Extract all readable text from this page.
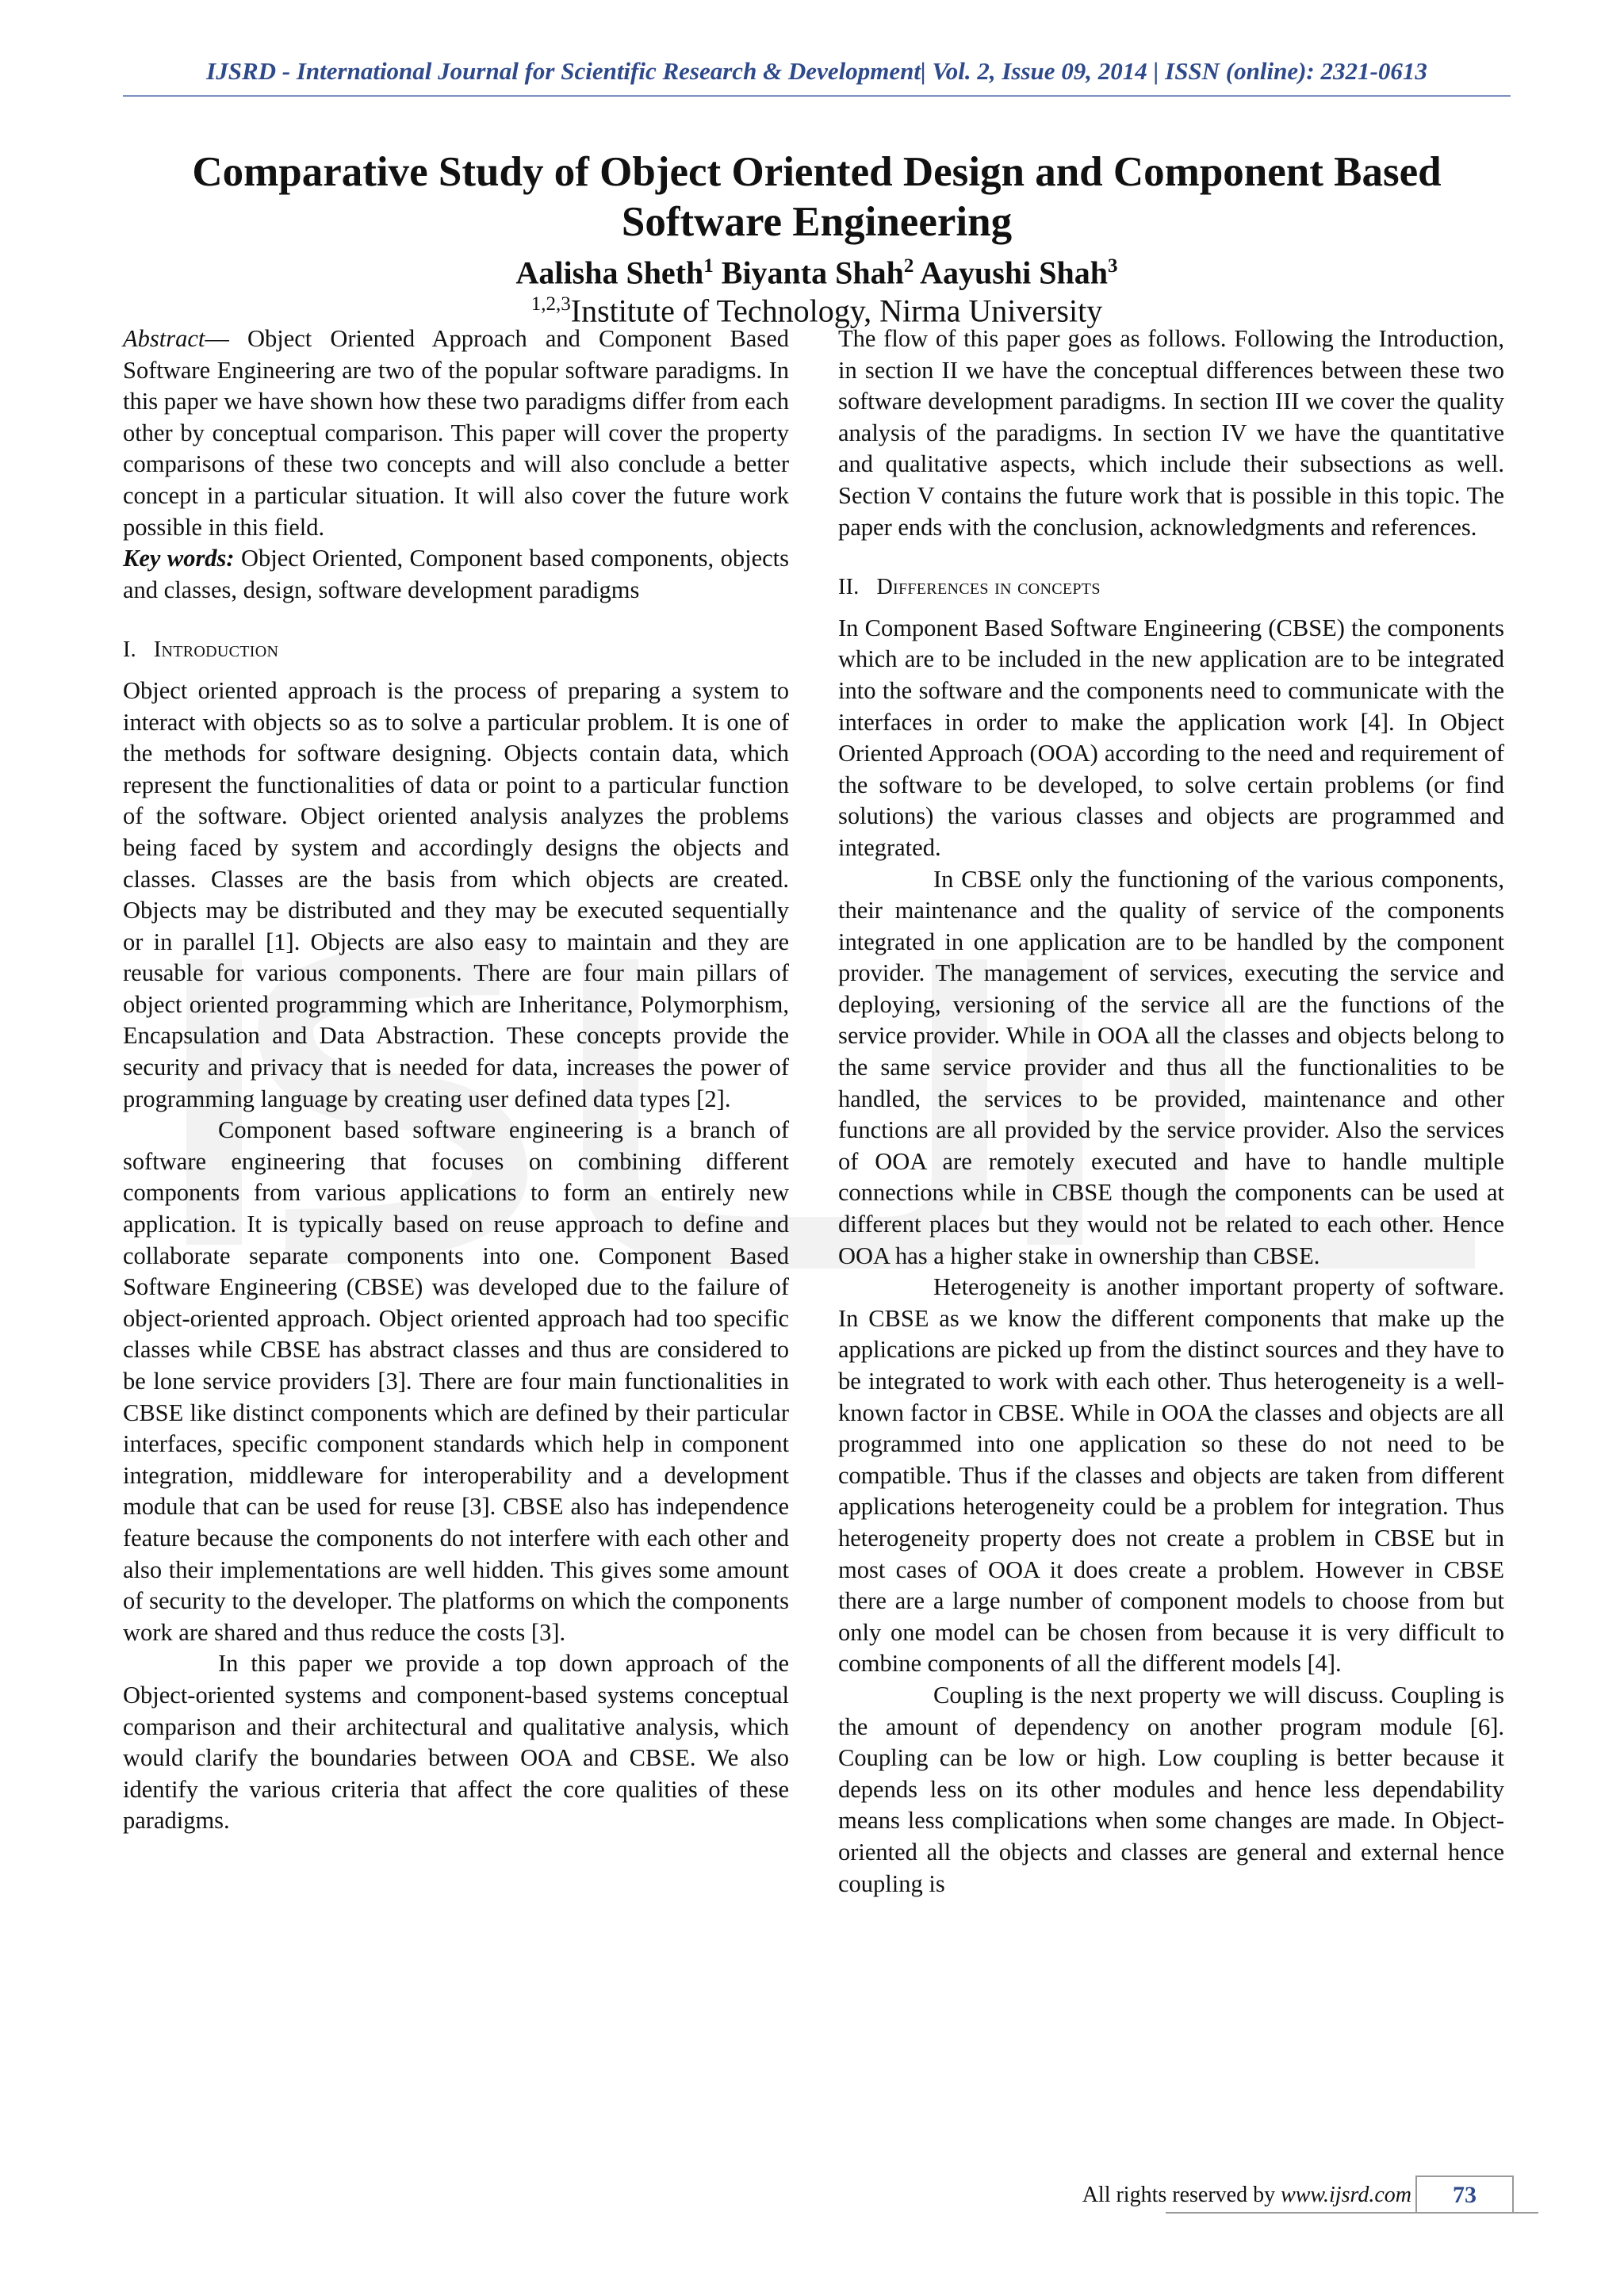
IJSRD - International Journal for Scientific Research & Development| Vol. 2, Issue 09, 2014 | ISSN (online): 2321-0613
Comparative Study of Object Oriented Design and Component Based
Software Engineering
Aalisha Sheth$^1$ Biyanta Shah$^2$ Aayushi Shah$^3$
$^{1,2,3}$Institute of Technology, Nirma University

Abstract— Object Oriented Approach and Component Based Software Engineering are two of the popular software paradigms. In this paper we have shown how these two paradigms differ from each other by conceptual comparison. This paper will cover the property comparisons of these two concepts and will also conclude a better concept in a particular situation. It will also cover the future work possible in this field.

Key words: Object Oriented, Component based components, objects and classes, design, software development paradigms

I. Introduction

Object oriented approach is the process of preparing a system to interact with objects so as to solve a particular problem. It is one of the methods for software designing. Objects contain data, which represent the functionalities of data or point to a particular function of the software. Object oriented analysis analyzes the problems being faced by system and accordingly designs the objects and classes. Classes are the basis from which objects are created. Objects may be distributed and they may be executed sequentially or in parallel [1]. Objects are also easy to maintain and they are reusable for various components. There are four main pillars of object oriented programming which are Inheritance, Polymorphism, Encapsulation and Data Abstraction. These concepts provide the security and privacy that is needed for data, increases the power of programming language by creating user defined data types [2].

Component based software engineering is a branch of software engineering that focuses on combining different components from various applications to form an entirely new application. It is typically based on reuse approach to define and collaborate separate components into one. Component Based Software Engineering (CBSE) was developed due to the failure of object-oriented approach. Object oriented approach had too specific classes while CBSE has abstract classes and thus are considered to be lone service providers [3]. There are four main functionalities in CBSE like distinct components which are defined by their particular interfaces, specific component standards which help in component integration, middleware for interoperability and a development module that can be used for reuse [3]. CBSE also has independence feature because the components do not interfere with each other and also their implementations are well hidden. This gives some amount of security to the developer. The platforms on which the components work are shared and thus reduce the costs [3].

In this paper we provide a top down approach of the Object-oriented systems and component-based systems conceptual comparison and their architectural and qualitative analysis, which would clarify the boundaries between OOA and CBSE. We also identify the various criteria that affect the core qualities of these paradigms.

The flow of this paper goes as follows. Following the Introduction, in section II we have the conceptual differences between these two software development paradigms. In section III we cover the quality analysis of the paradigms. In section IV we have the quantitative and qualitative aspects, which include their subsections as well. Section V contains the future work that is possible in this topic. The paper ends with the conclusion, acknowledgments and references.

II. Differences in concepts

In Component Based Software Engineering (CBSE) the components which are to be included in the new application are to be integrated into the software and the components need to communicate with the interfaces in order to make the application work [4]. In Object Oriented Approach (OOA) according to the need and requirement of the software to be developed, to solve certain problems (or find solutions) the various classes and objects are programmed and integrated.

In CBSE only the functioning of the various components, their maintenance and the quality of service of the components integrated in one application are to be handled by the component provider. The management of services, executing the service and deploying, versioning of the service all are the functions of the service provider. While in OOA all the classes and objects belong to the same service provider and thus all the functionalities to be handled, the services to be provided, maintenance and other functions are all provided by the service provider. Also the services of OOA are remotely executed and have to handle multiple connections while in CBSE though the components can be used at different places but they would not be related to each other. Hence OOA has a higher stake in ownership than CBSE.

Heterogeneity is another important property of software. In CBSE as we know the different components that make up the applications are picked up from the distinct sources and they have to be integrated to work with each other. Thus heterogeneity is a well-known factor in CBSE. While in OOA the classes and objects are all programmed into one application so these do not need to be compatible. Thus if the classes and objects are taken from different applications heterogeneity could be a problem for integration. Thus heterogeneity property does not create a problem in CBSE but in most cases of OOA it does create a problem. However in CBSE there are a large number of component models to choose from but only one model can be chosen from because it is very difficult to combine components of all the different models [4].

Coupling is the next property we will discuss. Coupling is the amount of dependency on another program module [6]. Coupling can be low or high. Low coupling is better because it depends less on its other modules and hence less dependability means less complications when some changes are made. In Object-oriented all the objects and classes are general and external hence coupling is

All rights reserved by www.ijsrd.com	73
